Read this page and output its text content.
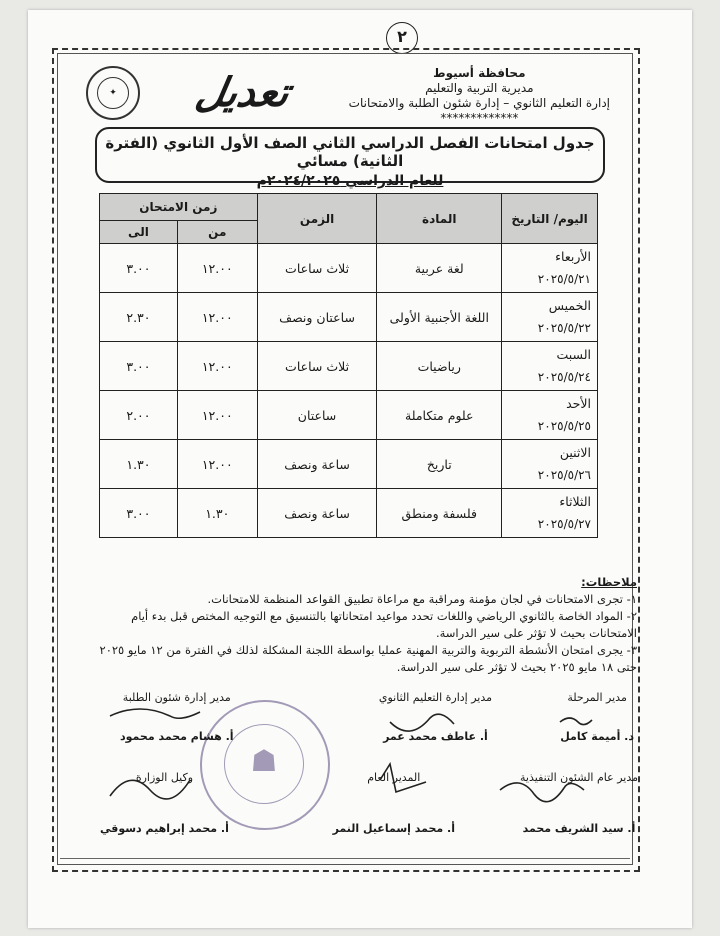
٢
✦	تعديل	محافظة أسيوط
مديرية التربية والتعليم
إدارة التعليم الثانوي – إدارة شئون الطلبة والامتحانات
*************
جدول امتحانات الفصل الدراسي الثاني الصف الأول الثانوي (الفترة الثانية) مسائي
للعام الدراسي ٢٠٢٤/٢٠٢٥م
اليوم/ التاريخ	المادة	الزمن	زمن الامتحان	
			من	الى

الأربعاء
٢٠٢٥/٥/٢١	لغة عربية	ثلاث ساعات	١٢.٠٠	٣.٠٠

الخميس
٢٠٢٥/٥/٢٢	اللغة الأجنبية الأولى	ساعتان ونصف	١٢.٠٠	٢.٣٠

السبت
٢٠٢٥/٥/٢٤	رياضيات	ثلاث ساعات	١٢.٠٠	٣.٠٠

الأحد
٢٠٢٥/٥/٢٥	علوم متكاملة	ساعتان	١٢.٠٠	٢.٠٠

الاثنين
٢٠٢٥/٥/٢٦	تاريخ	ساعة ونصف	١٢.٠٠	١.٣٠

الثلاثاء
٢٠٢٥/٥/٢٧	فلسفة ومنطق	ساعة ونصف	١.٣٠	٣.٠٠
ملاحظات:
١- تجرى الامتحانات في لجان مؤمنة ومراقبة مع مراعاة تطبيق القواعد المنظمة للامتحانات.
٢- المواد الخاصة بالثانوي الرياضي واللغات تحدد مواعيد امتحاناتها بالتنسيق مع التوجيه المختص قبل بدء أيام الامتحانات بحيث لا تؤثر على سير الدراسة.
٣- يجرى امتحان الأنشطة التربوية والتربية المهنية عمليا بواسطة اللجنة المشكلة لذلك في الفترة من ١٢ مايو ٢٠٢٥ حتى ١٨ مايو ٢٠٢٥ بحيث لا تؤثر على سير الدراسة.
☗
مدير المرحلة
د. أميمة كامل
مدير إدارة التعليم الثانوي
أ. عاطف محمد عمر
مدير إدارة شئون الطلبة
أ. هشام محمد محمود
مدير عام الشئون التنفيذية
أ. سيد الشريف محمد
المدير العام
أ. محمد إسماعيل النمر
وكيل الوزارة
أ. محمد إبراهيم دسوقي
